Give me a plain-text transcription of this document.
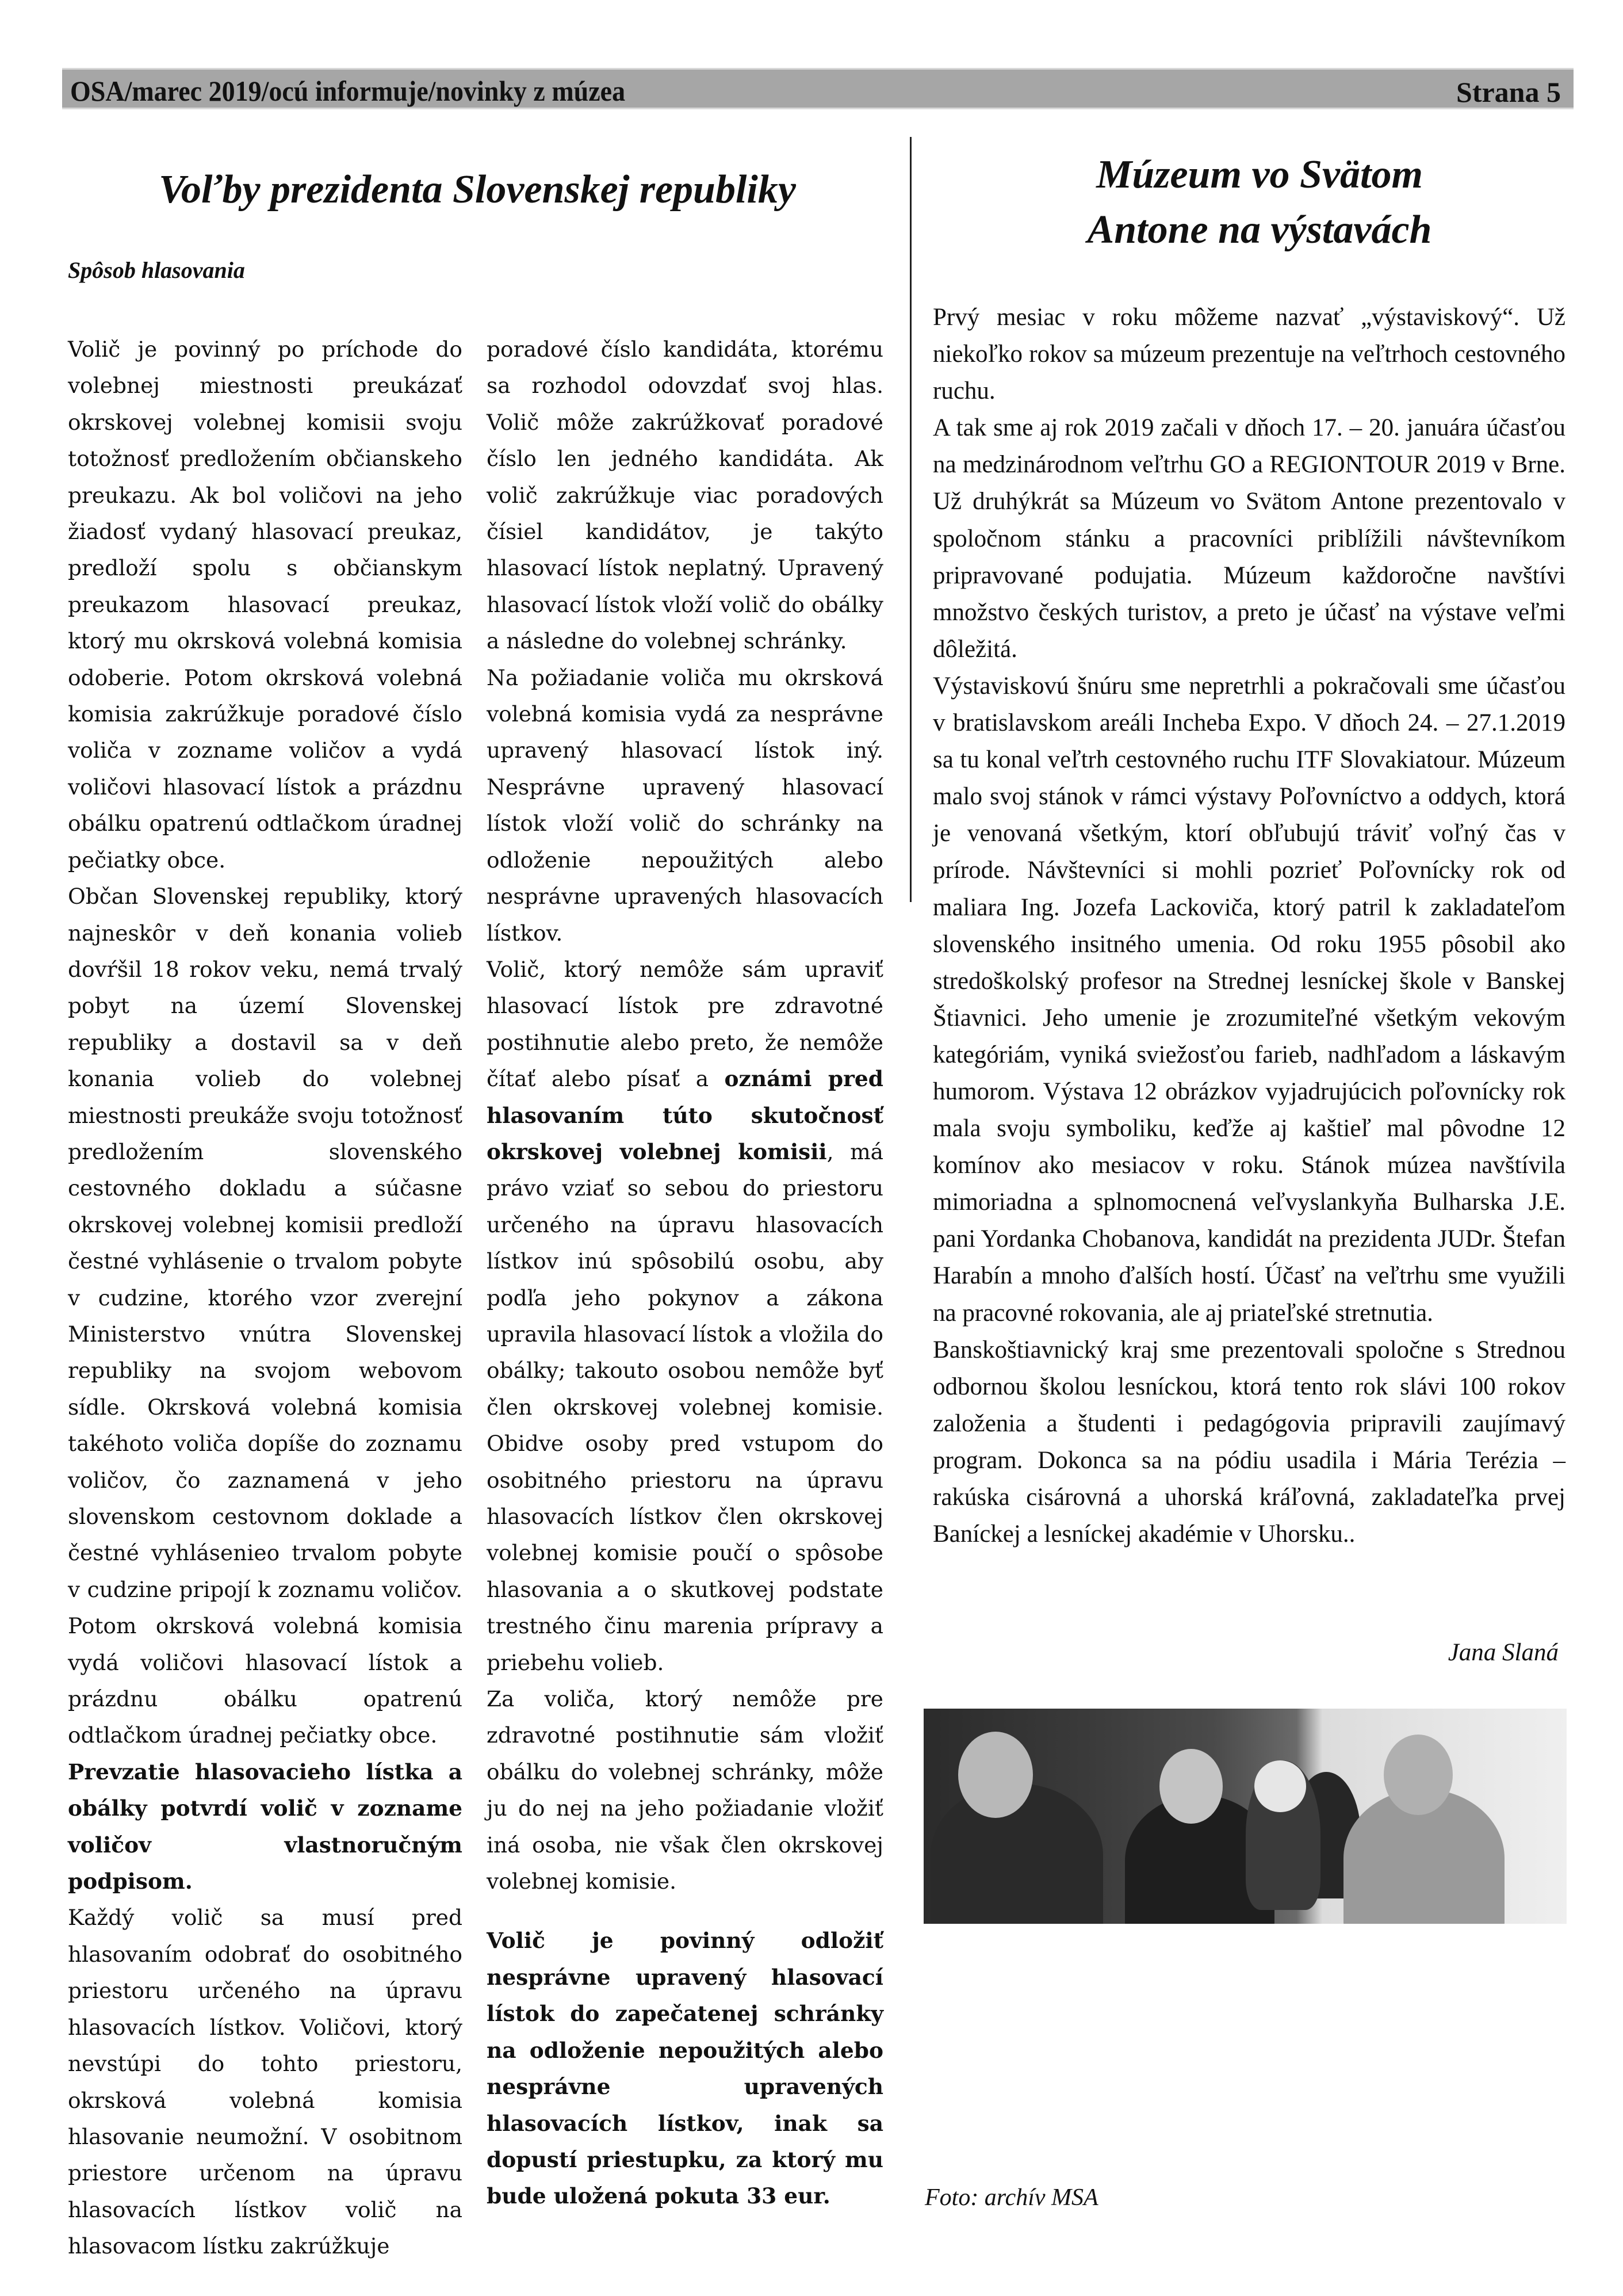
OSA/marec 2019/ocú informuje/novinky z múzea	Strana 5
Voľby prezidenta Slovenskej republiky
Spôsob hlasovania

Volič je povinný po príchode do volebnej miestnosti preukázať okrskovej volebnej komisii svoju totožnosť predložením občianskeho preukazu. Ak bol voličovi na jeho žiadosť vydaný hlasovací preukaz, predloží spolu s občianskym preukazom hlasovací preukaz, ktorý mu okrsková volebná komisia odoberie. Potom okrsková volebná komisia zakrúžkuje poradové číslo voliča v zozname voličov a vydá voličovi hlasovací lístok a prázdnu obálku opatrenú odtlačkom úradnej pečiatky obce.

Občan Slovenskej republiky, ktorý najneskôr v deň konania volieb dovŕšil 18 rokov veku, nemá trvalý pobyt na území Slovenskej republiky a dostavil sa v deň konania volieb do volebnej miestnosti preukáže svoju totožnosť predložením slovenského cestovného dokladu a súčasne okrskovej volebnej komisii predloží čestné vyhlásenie o trvalom pobyte v cudzine, ktorého vzor zverejní Ministerstvo vnútra Slovenskej republiky na svojom webovom sídle. Okrsková volebná komisia takéhoto voliča dopíše do zoznamu voličov, čo zaznamená v jeho slovenskom cestovnom doklade a čestné vyhlásenieo trvalom pobyte v cudzine pripojí k zoznamu voličov. Potom okrsková volebná komisia vydá voličovi hlasovací lístok a prázdnu obálku opatrenú odtlačkom úradnej pečiatky obce.

Prevzatie hlasovacieho lístka a obálky potvrdí volič v zozname voličov vlastnoručným podpisom.

Každý volič sa musí pred hlasovaním odobrať do osobitného priestoru určeného na úpravu hlasovacích lístkov. Voličovi, ktorý nevstúpi do tohto priestoru, okrsková volebná komisia hlasovanie neumožní. V osobitnom priestore určenom na úpravu hlasovacích lístkov volič na hlasovacom lístku zakrúžkuje

poradové číslo kandidáta, ktorému sa rozhodol odovzdať svoj hlas. Volič môže zakrúžkovať poradové číslo len jedného kandidáta. Ak volič zakrúžkuje viac poradových čísiel kandidátov, je takýto hlasovací lístok neplatný. Upravený hlasovací lístok vloží volič do obálky a následne do volebnej schránky.

Na požiadanie voliča mu okrsková volebná komisia vydá za nesprávne upravený hlasovací lístok iný. Nesprávne upravený hlasovací lístok vloží volič do schránky na odloženie nepoužitých alebo nesprávne upravených hlasovacích lístkov.

Volič, ktorý nemôže sám upraviť hlasovací lístok pre zdravotné postihnutie alebo preto, že nemôže čítať alebo písať a oznámi pred hlasovaním túto skutočnosť okrskovej volebnej komisii, má právo vziať so sebou do priestoru určeného na úpravu hlasovacích lístkov inú spôsobilú osobu, aby podľa jeho pokynov a zákona upravila hlasovací lístok a vložila do obálky; takouto osobou nemôže byť člen okrskovej volebnej komisie. Obidve osoby pred vstupom do osobitného priestoru na úpravu hlasovacích lístkov člen okrskovej volebnej komisie poučí o spôsobe hlasovania a o skutkovej podstate trestného činu marenia prípravy a priebehu volieb.

Za voliča, ktorý nemôže pre zdravotné postihnutie sám vložiť obálku do volebnej schránky, môže ju do nej na jeho požiadanie vložiť iná osoba, nie však člen okrskovej volebnej komisie.

Volič je povinný odložiť nesprávne upravený hlasovací lístok do zapečatenej schránky na odloženie nepoužitých alebo nesprávne upravených hlasovacích lístkov, inak sa dopustí priestupku, za ktorý mu bude uložená pokuta 33 eur.

Múzeum vo Svätom
Antone na výstavách

Prvý mesiac v roku môžeme nazvať „výstaviskový“. Už niekoľko rokov sa múzeum prezentuje na veľtrhoch cestovného ruchu.

A tak sme aj rok 2019 začali v dňoch 17. – 20. januára účasťou na medzinárodnom veľtrhu GO a REGIONTOUR 2019 v Brne. Už druhýkrát sa Múzeum vo Svätom Antone prezentovalo v spoločnom stánku a pracovníci priblížili návštevníkom pripravované podujatia. Múzeum každoročne navštívi množstvo českých turistov, a preto je účasť na výstave veľmi dôležitá.

Výstaviskovú šnúru sme nepretrhli a pokračovali sme účasťou v bratislavskom areáli Incheba Expo. V dňoch 24. – 27.1.2019 sa tu konal veľtrh cestovného ruchu ITF Slovakiatour. Múzeum malo svoj stánok v rámci výstavy Poľovníctvo a oddych, ktorá je venovaná všetkým, ktorí obľubujú tráviť voľný čas v prírode. Návštevníci si mohli pozrieť Poľovnícky rok od maliara Ing. Jozefa Lackoviča, ktorý patril k zakladateľom slovenského insitného umenia. Od roku 1955 pôsobil ako stredoškolský profesor na Strednej lesníckej škole v Banskej Štiavnici. Jeho umenie je zrozumiteľné všetkým vekovým kategóriám, vyniká sviežosťou farieb, nadhľadom a láskavým humorom. Výstava 12 obrázkov vyjadrujúcich poľovnícky rok mala svoju symboliku, keďže aj kaštieľ mal pôvodne 12 komínov ako mesiacov v roku. Stánok múzea navštívila mimoriadna a splnomocnená veľvyslankyňa Bulharska J.E. pani Yordanka Chobanova, kandidát na prezidenta JUDr. Štefan Harabín a mnoho ďalších hostí. Účasť na veľtrhu sme využili na pracovné rokovania, ale aj priateľské stretnutia.

Banskoštiavnický kraj sme prezentovali spoločne s Strednou odbornou školou lesníckou, ktorá tento rok slávi 100 rokov založenia a študenti i pedagógovia pripravili zaujímavý program. Dokonca sa na pódiu usadila i Mária Terézia – rakúska cisárovná a uhorská kráľovná, zakladateľka prvej Baníckej a lesníckej akadémie v Uhorsku..

Jana Slaná
Foto: archív MSA
